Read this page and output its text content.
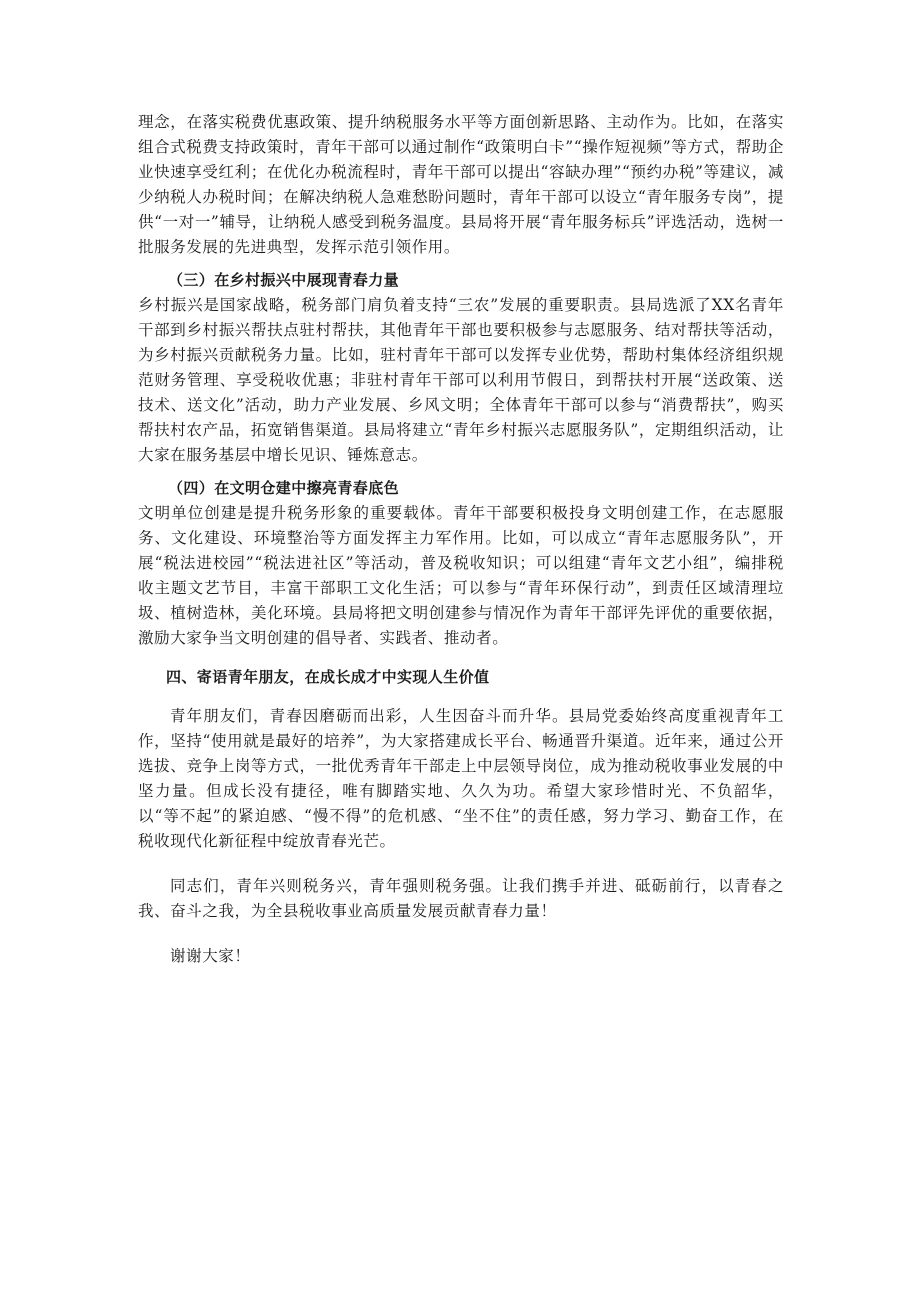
理念，在落实税费优惠政策、提升纳税服务水平等方面创新思路、主动作为。比如，在落实组合式税费支持政策时，青年干部可以通过制作“政策明白卡”“操作短视频”等方式，帮助企业快速享受红利；在优化办税流程时，青年干部可以提出“容缺办理”“预约办税”等建议，减少纳税人办税时间；在解决纳税人急难愁盼问题时，青年干部可以设立“青年服务专岗”，提供“一对一”辅导，让纳税人感受到税务温度。县局将开展“青年服务标兵”评选活动，选树一批服务发展的先进典型，发挥示范引领作用。

（三）在乡村振兴中展现青春力量

乡村振兴是国家战略，税务部门肩负着支持“三农”发展的重要职责。县局选派了XX名青年干部到乡村振兴帮扶点驻村帮扶，其他青年干部也要积极参与志愿服务、结对帮扶等活动，为乡村振兴贡献税务力量。比如，驻村青年干部可以发挥专业优势，帮助村集体经济组织规范财务管理、享受税收优惠；非驻村青年干部可以利用节假日，到帮扶村开展“送政策、送技术、送文化”活动，助力产业发展、乡风文明；全体青年干部可以参与“消费帮扶”，购买帮扶村农产品，拓宽销售渠道。县局将建立“青年乡村振兴志愿服务队”，定期组织活动，让大家在服务基层中增长见识、锤炼意志。

（四）在文明仓建中擦亮青春底色

文明单位创建是提升税务形象的重要载体。青年干部要积极投身文明创建工作，在志愿服务、文化建设、环境整治等方面发挥主力军作用。比如，可以成立“青年志愿服务队”，开展“税法进校园”“税法进社区”等活动，普及税收知识；可以组建“青年文艺小组”，编排税收主题文艺节目，丰富干部职工文化生活；可以参与“青年环保行动”，到责任区域清理垃圾、植树造林，美化环境。县局将把文明创建参与情况作为青年干部评先评优的重要依据，激励大家争当文明创建的倡导者、实践者、推动者。

四、寄语青年朋友，在成长成才中实现人生价值

青年朋友们，青春因磨砺而出彩，人生因奋斗而升华。县局党委始终高度重视青年工作，坚持“使用就是最好的培养”，为大家搭建成长平台、畅通晋升渠道。近年来，通过公开选拔、竞争上岗等方式，一批优秀青年干部走上中层领导岗位，成为推动税收事业发展的中坚力量。但成长没有捷径，唯有脚踏实地、久久为功。希望大家珍惜时光、不负韶华，以“等不起”的紧迫感、“慢不得”的危机感、“坐不住”的责任感，努力学习、勤奋工作，在税收现代化新征程中绽放青春光芒。

同志们，青年兴则税务兴，青年强则税务强。让我们携手并进、砥砺前行，以青春之我、奋斗之我，为全县税收事业高质量发展贡献青春力量！

谢谢大家！
